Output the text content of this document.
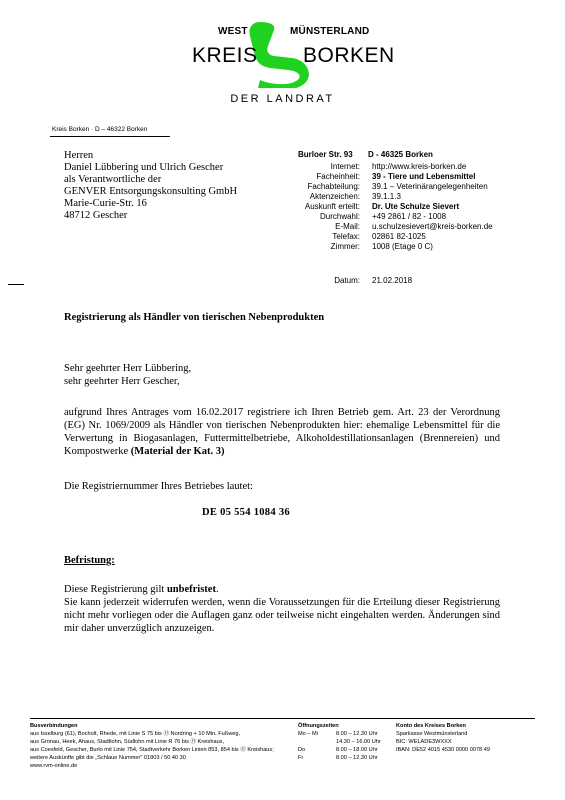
WEST	MÜNSTERLAND
KREIS BORKEN
DER LANDRAT
Kreis Borken · D – 46322 Borken
Herren
Daniel Lübbering und Ulrich Gescher
als Verantwortliche der
GENVER Entsorgungskonsulting GmbH
Marie-Curie-Str. 16
48712 Gescher
Burloer Str. 93 D - 46325 Borken
Internet: http://www.kreis-borken.de
Facheinheit: 39 - Tiere und Lebensmittel
Fachabteilung: 39.1 – Veterinärangelegenheiten
Aktenzeichen: 39.1.1.3
Auskunft erteilt: Dr. Ute Schulze Sievert
Durchwahl: +49 2861 / 82 - 1008
E-Mail: u.schulzesievert@kreis-borken.de
Telefax: 02861 82-1025
Zimmer: 1008 (Etage 0 C)
Datum: 21.02.2018
Registrierung als Händler von tierischen Nebenprodukten
Sehr geehrter Herr Lübbering,
sehr geehrter Herr Gescher,
aufgrund Ihres Antrages vom 16.02.2017 registriere ich Ihren Betrieb gem. Art. 23 der Verordnung (EG) Nr. 1069/2009 als Händler von tierischen Nebenprodukten hier: ehemalige Lebensmittel für die Verwertung in Biogasanlagen, Futtermittelbetriebe, Alkoholdestillationsanlagen (Brennereien) und Kompostwerke (Material der Kat. 3)
Die Registriernummer Ihres Betriebes lautet:
DE 05 554 1084 36
Befristung:
Diese Registrierung gilt unbefristet.
Sie kann jederzeit widerrufen werden, wenn die Voraussetzungen für die Erteilung dieser Registrierung nicht mehr vorliegen oder die Auflagen ganz oder teilweise nicht eingehalten werden. Änderungen sind mir daher unverzüglich anzuzeigen.
Busverbindungen
aus Isselburg (61), Bocholt, Rhede, mit Linie S 75 bis Ⓗ Nordring + 10 Min. Fußweg,
aus Gronau, Heek, Ahaus, Stadtlohn, Südlohn mit Linie R 76 bis Ⓗ Kreishaus,
aus Coesfeld, Gescher, Burlo mit Linie 754, Stadtverkehr Borken Linien 853, 854 bis Ⓗ Kreishaus;
weitere Auskünfte gibt die „Schlaue Nummer" 01803 / 50 40 30
www.rvm-online.de
Öffnungszeiten
Mo – Mi	8.00 – 12.30 Uhr
14.30 – 16.00 Uhr
Do	8.00 – 18.00 Uhr
Fr	8.00 – 12.30 Uhr
Konto des Kreises Borken
Sparkasse Westmünsterland
BIC: WELADE3WXXX
IBAN: DE52 4015 4530 0000 0078 49
